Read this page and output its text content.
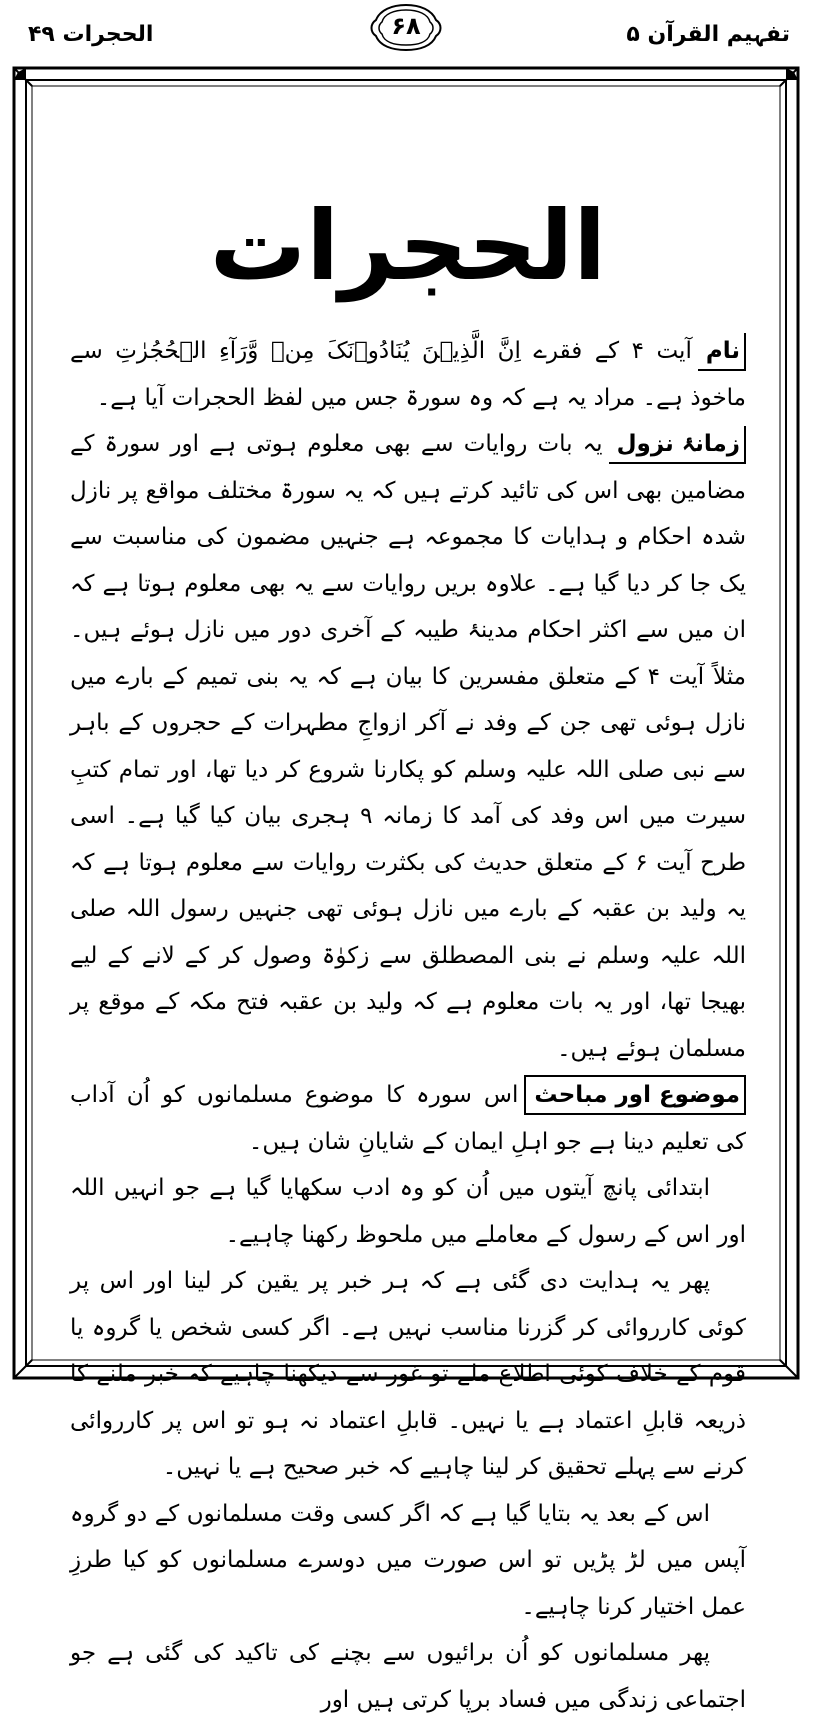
الحجرات ۴۹	۶۸	تفہیم القرآن ۵
الحجرات

نامآیت ۴ کے فقرے اِنَّ الَّذِیۡنَ یُنَادُوۡنَکَ مِنۡ وَّرَآءِ الۡحُجُرٰتِ سے ماخوذ ہے۔ مراد یہ ہے کہ وہ سورۃ جس میں لفظ الحجرات آیا ہے۔

زمانۂ نزولیہ بات روایات سے بھی معلوم ہوتی ہے اور سورۃ کے مضامین بھی اس کی تائید کرتے ہیں کہ یہ سورۃ مختلف مواقع پر نازل شدہ احکام و ہدایات کا مجموعہ ہے جنہیں مضمون کی مناسبت سے یک جا کر دیا گیا ہے۔ علاوہ بریں روایات سے یہ بھی معلوم ہوتا ہے کہ ان میں سے اکثر احکام مدینۂ طیبہ کے آخری دور میں نازل ہوئے ہیں۔ مثلاً آیت ۴ کے متعلق مفسرین کا بیان ہے کہ یہ بنی تمیم کے بارے میں نازل ہوئی تھی جن کے وفد نے آکر ازواجِ مطہرات کے حجروں کے باہر سے نبی صلی اللہ علیہ وسلم کو پکارنا شروع کر دیا تھا، اور تمام کتبِ سیرت میں اس وفد کی آمد کا زمانہ ۹ ہجری بیان کیا گیا ہے۔ اسی طرح آیت ۶ کے متعلق حدیث کی بکثرت روایات سے معلوم ہوتا ہے کہ یہ ولید بن عقبہ کے بارے میں نازل ہوئی تھی جنہیں رسول اللہ صلی اللہ علیہ وسلم نے بنی المصطلق سے زکوٰۃ وصول کر کے لانے کے لیے بھیجا تھا، اور یہ بات معلوم ہے کہ ولید بن عقبہ فتح مکہ کے موقع پر مسلمان ہوئے ہیں۔

موضوع اور مباحثاس سورہ کا موضوع مسلمانوں کو اُن آداب کی تعلیم دینا ہے جو اہلِ ایمان کے شایانِ شان ہیں۔

ابتدائی پانچ آیتوں میں اُن کو وہ ادب سکھایا گیا ہے جو انہیں اللہ اور اس کے رسول کے معاملے میں ملحوظ رکھنا چاہیے۔

پھر یہ ہدایت دی گئی ہے کہ ہر خبر پر یقین کر لینا اور اس پر کوئی کارروائی کر گزرنا مناسب نہیں ہے۔ اگر کسی شخص یا گروہ یا قوم کے خلاف کوئی اطلاع ملے تو غور سے دیکھنا چاہیے کہ خبر ملنے کا ذریعہ قابلِ اعتماد ہے یا نہیں۔ قابلِ اعتماد نہ ہو تو اس پر کارروائی کرنے سے پہلے تحقیق کر لینا چاہیے کہ خبر صحیح ہے یا نہیں۔

اس کے بعد یہ بتایا گیا ہے کہ اگر کسی وقت مسلمانوں کے دو گروہ آپس میں لڑ پڑیں تو اس صورت میں دوسرے مسلمانوں کو کیا طرزِ عمل اختیار کرنا چاہیے۔

پھر مسلمانوں کو اُن برائیوں سے بچنے کی تاکید کی گئی ہے جو اجتماعی زندگی میں فساد برپا کرتی ہیں اور
